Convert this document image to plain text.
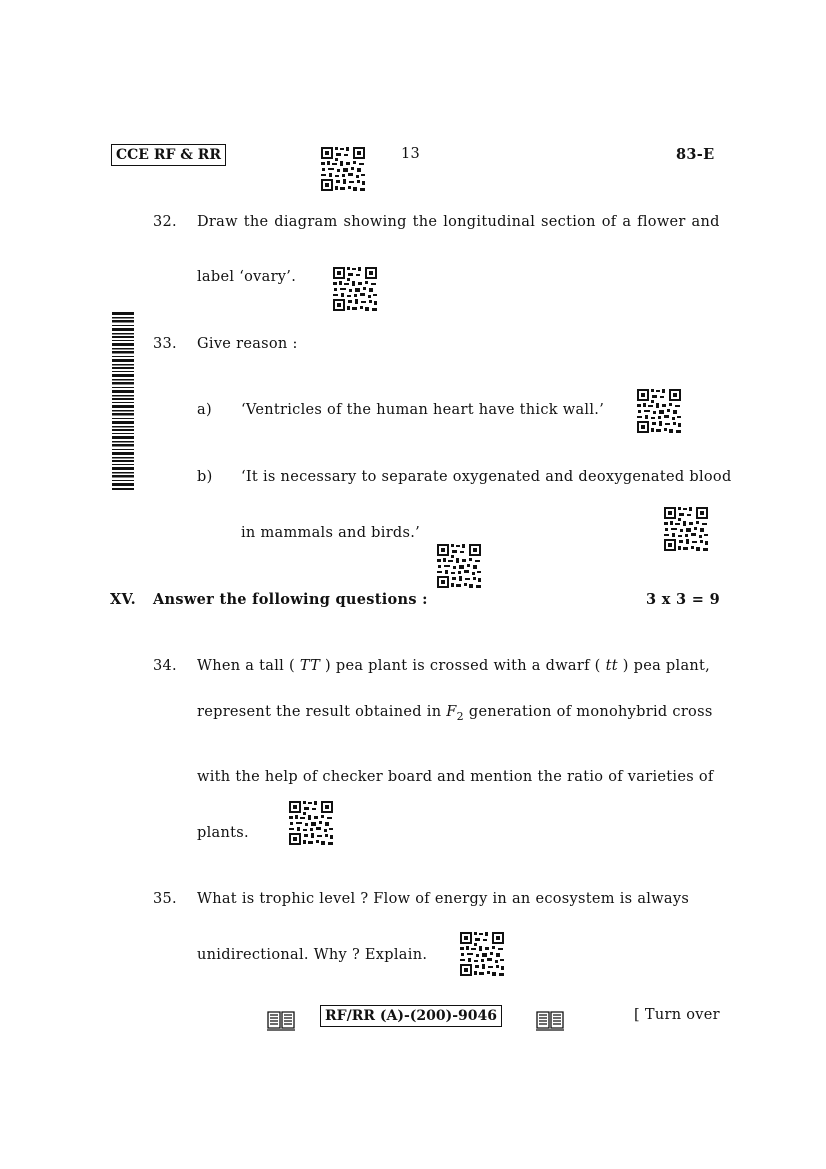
CCE RF & RR	13	83-E
32. Draw the diagram showing the longitudinal section of a flower and
label ‘ovary’.
33. Give reason :
a) ‘Ventricles of the human heart have thick wall.’
b) ‘It is necessary to separate oxygenated and deoxygenated blood
in mammals and birds.’
XV. Answer the following questions :	3 x 3 = 9
34. When a tall ( TT ) pea plant is crossed with a dwarf ( tt ) pea plant,
represent the result obtained in $F_2$ generation of monohybrid cross
with the help of checker board and mention the ratio of varieties of
plants.
35. What is trophic level ? Flow of energy in an ecosystem is always
unidirectional. Why ? Explain.
RF/RR (A)-(200)-9046	[ Turn over
